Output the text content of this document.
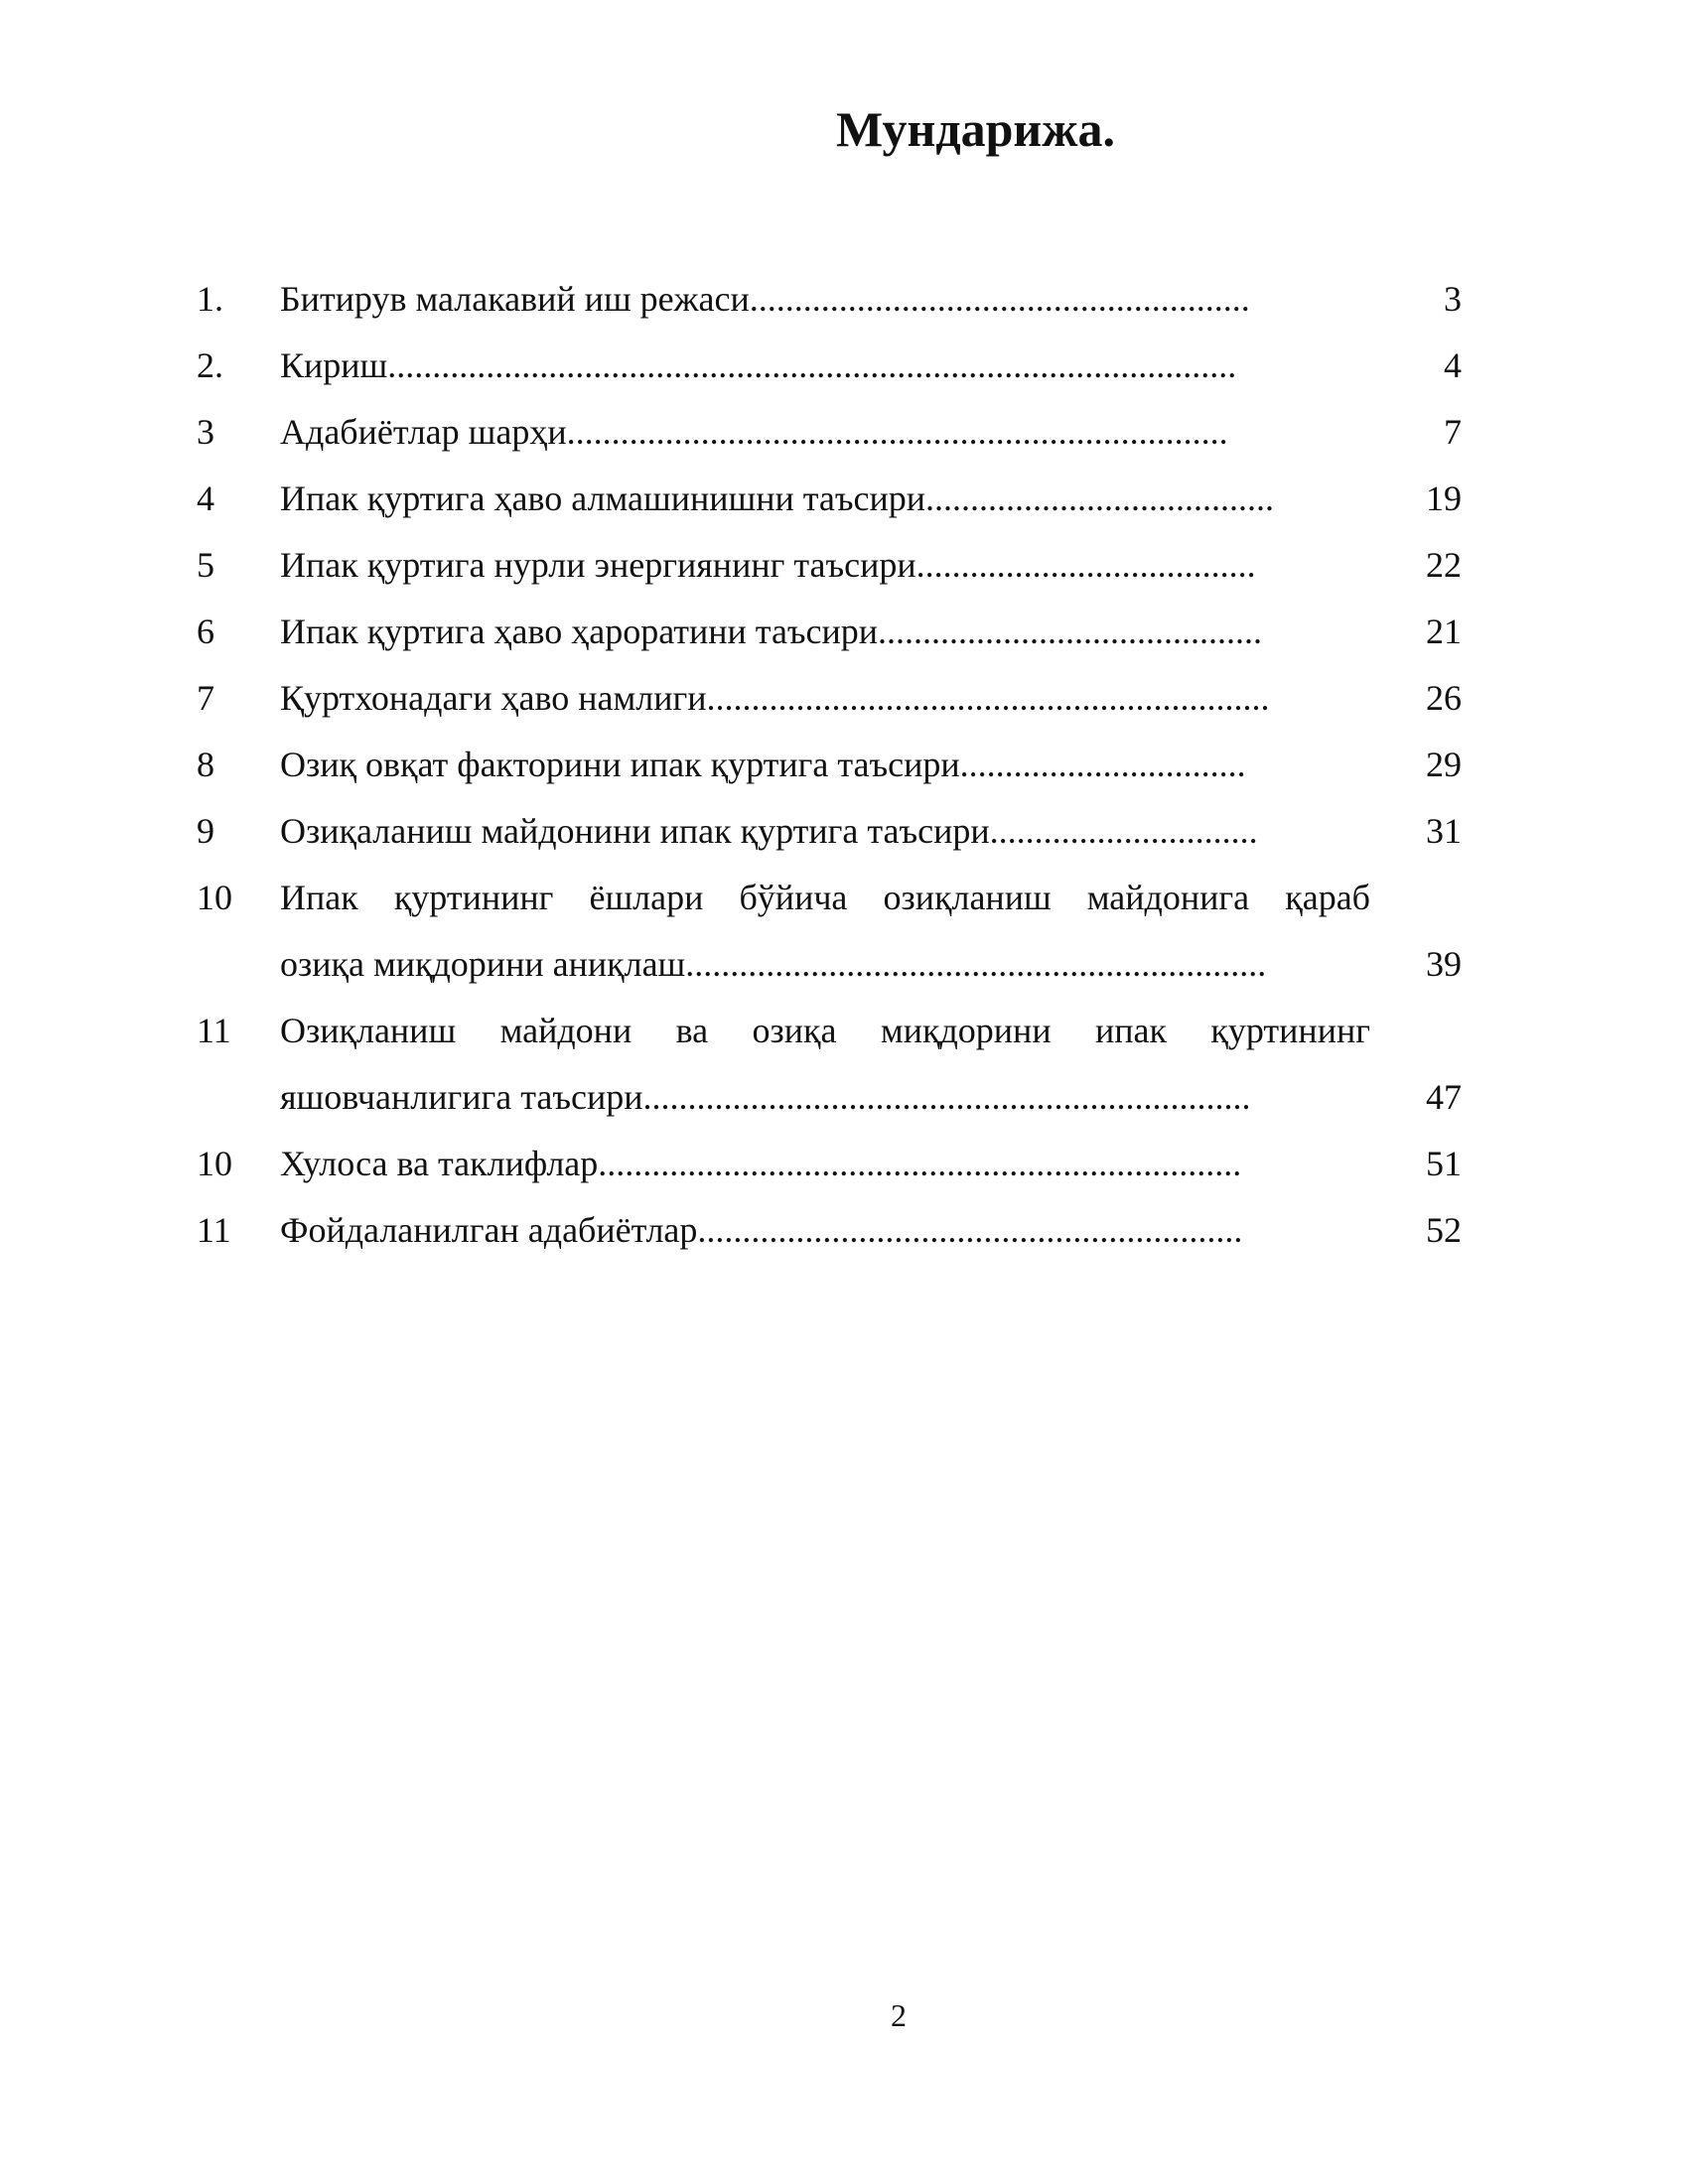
Мундарижа.
1. Битирув малакавий иш режаси........................................................	3
2. Кириш...............................................................................................	4
3 Адабиётлар шарҳи..........................................................................	7
4 Ипак қуртига ҳаво алмашинишни таъсири.......................................	19
5 Ипак қуртига нурли энергиянинг таъсири......................................	22
6 Ипак қуртига ҳаво ҳароратини таъсири...........................................	21
7 Қуртхонадаги ҳаво намлиги...............................................................	26
8 Озиқ овқат факторини ипак қуртига таъсири................................	29
9 Озиқаланиш майдонини ипак қуртига таъсири..............................	31
10 Ипак қуртининг ёшлари бўйича озиқланиш майдонига қараб
озиқа миқдорини аниқлаш.................................................................	39
11 Озиқланиш майдони ва озиқа миқдорини ипак қуртининг
яшовчанлигига таъсири....................................................................	47
10 Хулоса ва таклифлар........................................................................	51
11 Фойдаланилган адабиётлар.............................................................	52
2
